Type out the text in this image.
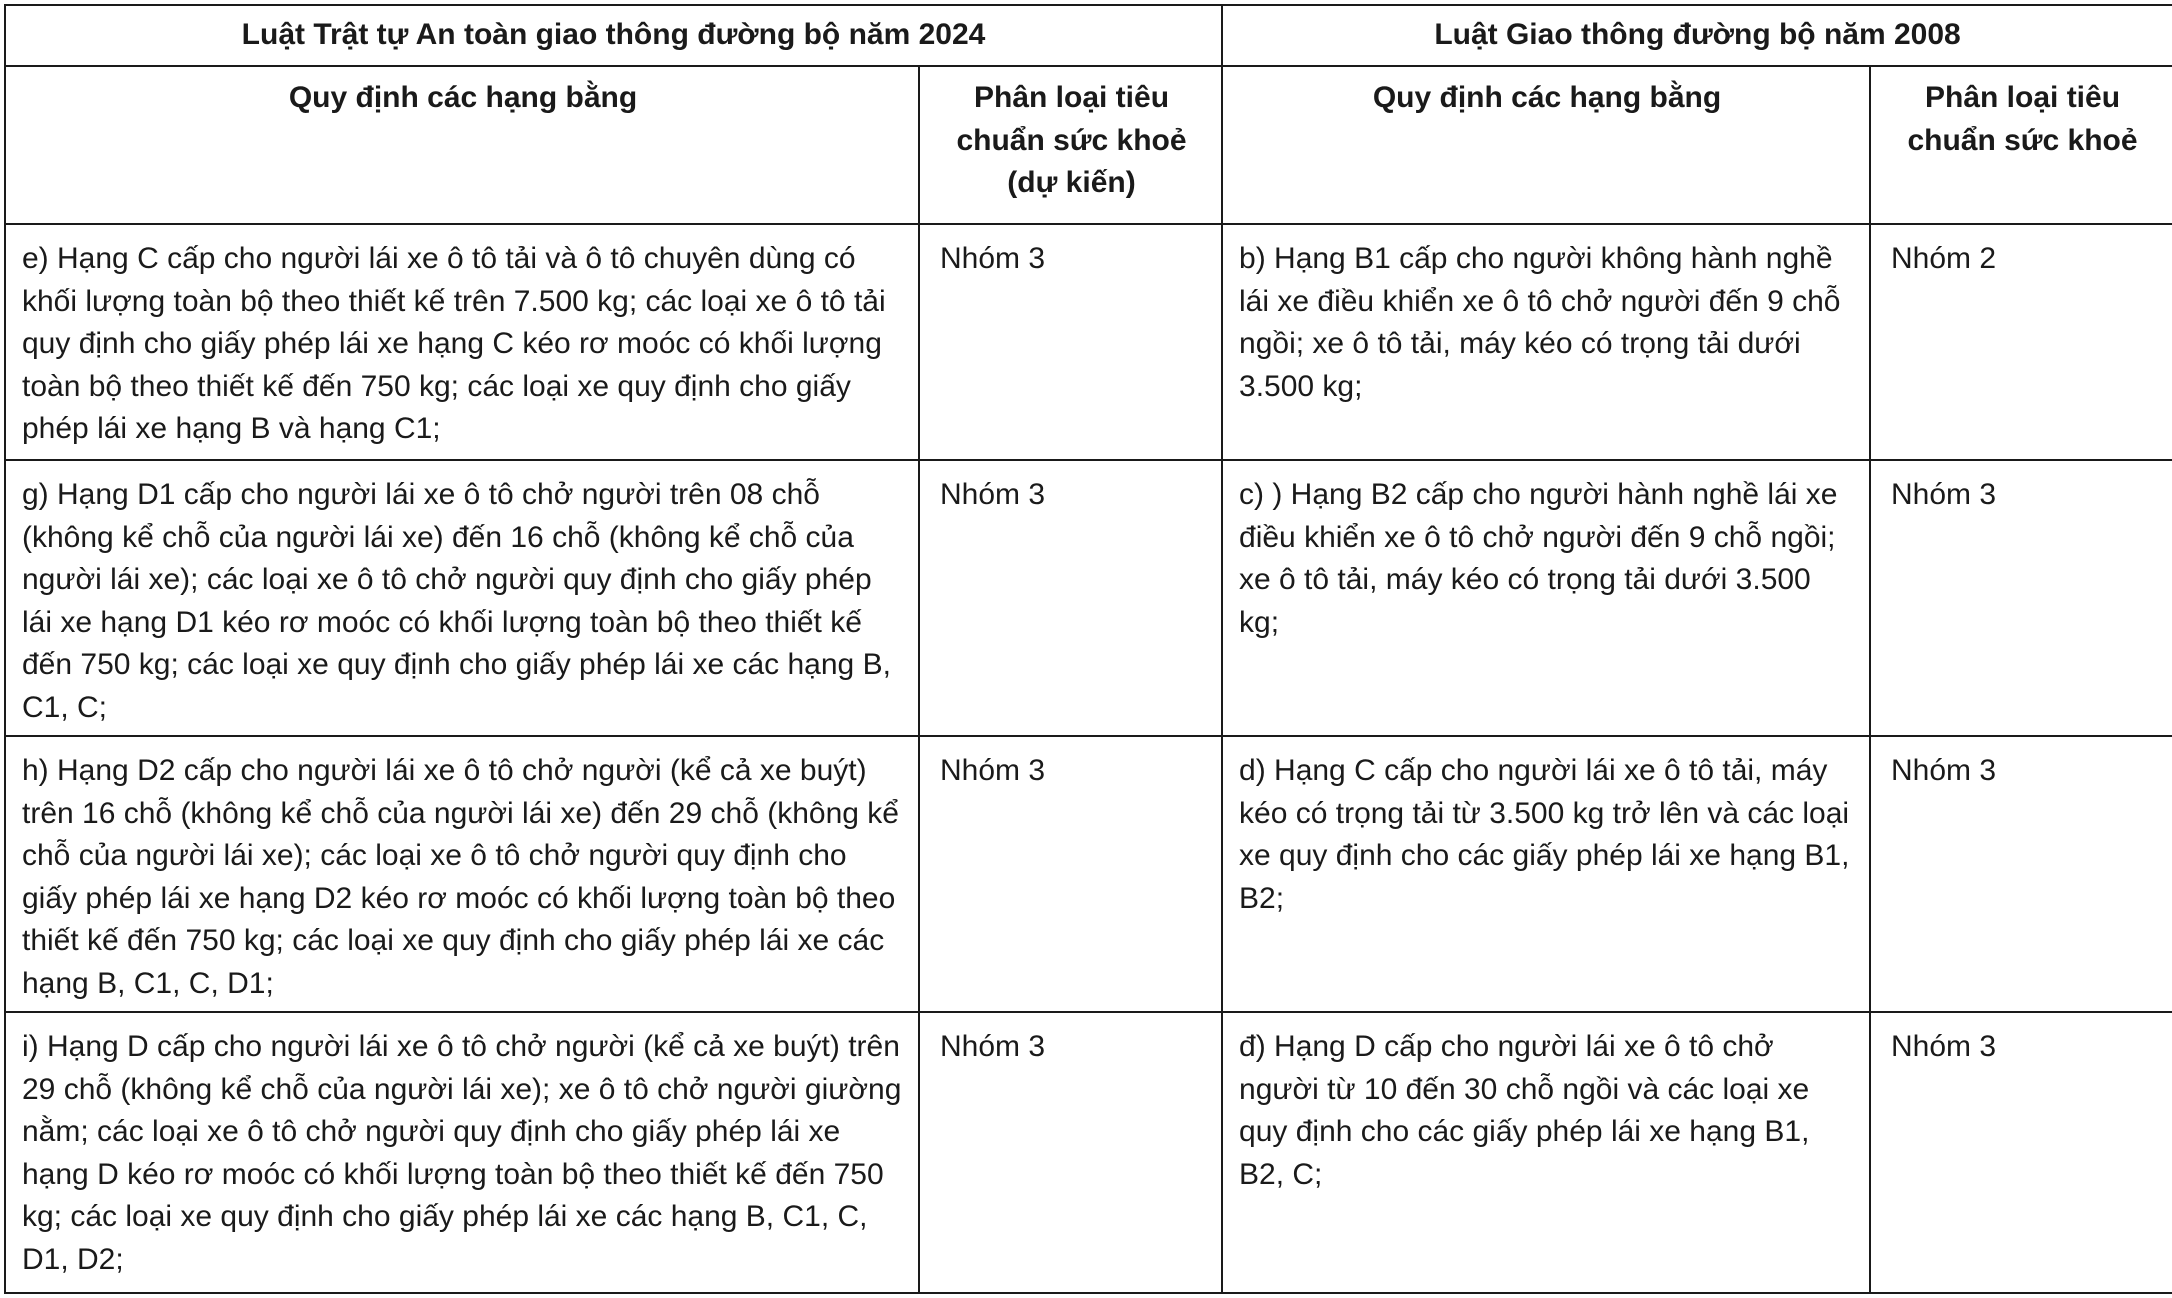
Luật Trật tự An toàn giao thông đường bộ năm 2024		Luật Giao thông đường bộ năm 2008	
Quy định các hạng bằng	Phân loại tiêu chuẩn sức khoẻ (dự kiến)	Quy định các hạng bằng	Phân loại tiêu chuẩn sức khoẻ
e) Hạng C cấp cho người lái xe ô tô tải và ô tô chuyên dùng có khối lượng toàn bộ theo thiết kế trên 7.500 kg; các loại xe ô tô tải quy định cho giấy phép lái xe hạng C kéo rơ moóc có khối lượng toàn bộ theo thiết kế đến 750 kg; các loại xe quy định cho giấy phép lái xe hạng B và hạng C1;	Nhóm 3	b) Hạng B1 cấp cho người không hành nghề lái xe điều khiển xe ô tô chở người đến 9 chỗ ngồi; xe ô tô tải, máy kéo có trọng tải dưới 3.500 kg;	Nhóm 2
g) Hạng D1 cấp cho người lái xe ô tô chở người trên 08 chỗ (không kể chỗ của người lái xe) đến 16 chỗ (không kể chỗ của người lái xe); các loại xe ô tô chở người quy định cho giấy phép lái xe hạng D1 kéo rơ moóc có khối lượng toàn bộ theo thiết kế đến 750 kg; các loại xe quy định cho giấy phép lái xe các hạng B, C1, C;	Nhóm 3	c) ) Hạng B2 cấp cho người hành nghề lái xe điều khiển xe ô tô chở người đến 9 chỗ ngồi; xe ô tô tải, máy kéo có trọng tải dưới 3.500 kg;	Nhóm 3
h) Hạng D2 cấp cho người lái xe ô tô chở người (kể cả xe buýt) trên 16 chỗ (không kể chỗ của người lái xe) đến 29 chỗ (không kể chỗ của người lái xe); các loại xe ô tô chở người quy định cho giấy phép lái xe hạng D2 kéo rơ moóc có khối lượng toàn bộ theo thiết kế đến 750 kg; các loại xe quy định cho giấy phép lái xe các hạng B, C1, C, D1;	Nhóm 3	d) Hạng C cấp cho người lái xe ô tô tải, máy kéo có trọng tải từ 3.500 kg trở lên và các loại xe quy định cho các giấy phép lái xe hạng B1, B2;	Nhóm 3
i) Hạng D cấp cho người lái xe ô tô chở người (kể cả xe buýt) trên 29 chỗ (không kể chỗ của người lái xe); xe ô tô chở người giường nằm; các loại xe ô tô chở người quy định cho giấy phép lái xe hạng D kéo rơ moóc có khối lượng toàn bộ theo thiết kế đến 750 kg; các loại xe quy định cho giấy phép lái xe các hạng B, C1, C, D1, D2;	Nhóm 3	đ) Hạng D cấp cho người lái xe ô tô chở người từ 10 đến 30 chỗ ngồi và các loại xe quy định cho các giấy phép lái xe hạng B1, B2, C;	Nhóm 3
